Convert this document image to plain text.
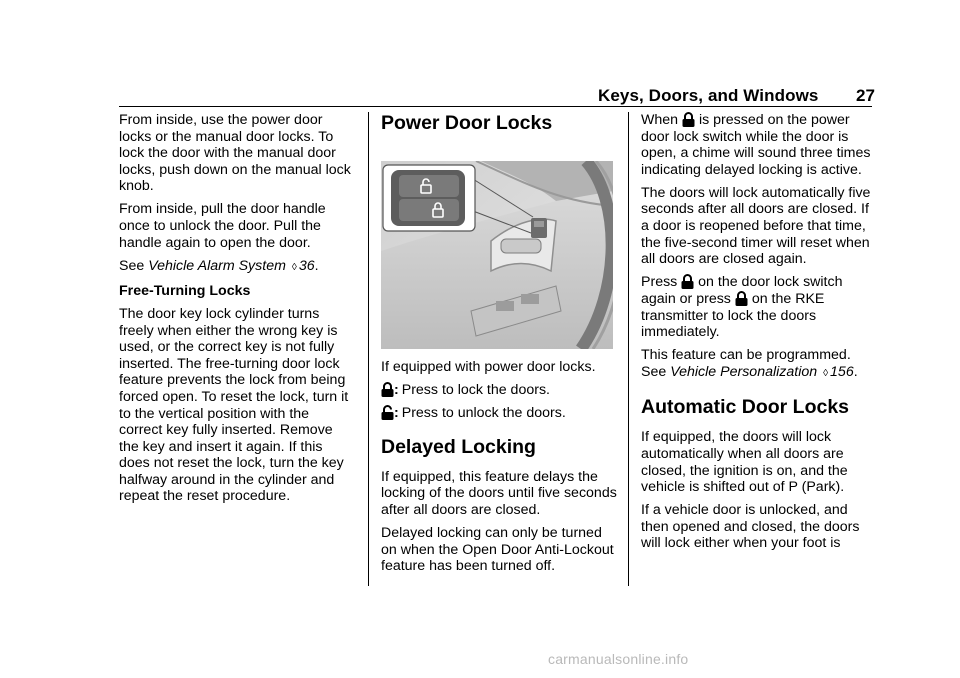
Keys, Doors, and Windows 27

From inside, use the power door locks or the manual door locks. To lock the door with the manual door locks, push down on the manual lock knob.

From inside, pull the door handle once to unlock the door. Pull the handle again to open the door.

See Vehicle Alarm System ◊ 36.

Free-Turning Locks

The door key lock cylinder turns freely when either the wrong key is used, or the correct key is not fully inserted. The free-turning door lock feature prevents the lock from being forced open. To reset the lock, turn it to the vertical position with the correct key fully inserted. Remove the key and insert it again. If this does not reset the lock, turn the key halfway around in the cylinder and repeat the reset procedure.

Power Door Locks

If equipped with power door locks.

: Press to lock the doors.
: Press to unlock the doors.
Delayed Locking

If equipped, this feature delays the locking of the doors until five seconds after all doors are closed.

Delayed locking can only be turned on when the Open Door Anti-Lockout feature has been turned off.

When is pressed on the power door lock switch while the door is open, a chime will sound three times indicating delayed locking is active.

The doors will lock automatically five seconds after all doors are closed. If a door is reopened before that time, the five-second timer will reset when all doors are closed again.

Press on the door lock switch again or press on the RKE transmitter to lock the doors immediately.

This feature can be programmed. See Vehicle Personalization ◊ 156.

Automatic Door Locks

If equipped, the doors will lock automatically when all doors are closed, the ignition is on, and the vehicle is shifted out of P (Park).

If a vehicle door is unlocked, and then opened and closed, the doors will lock either when your foot is

carmanualsonline.info
